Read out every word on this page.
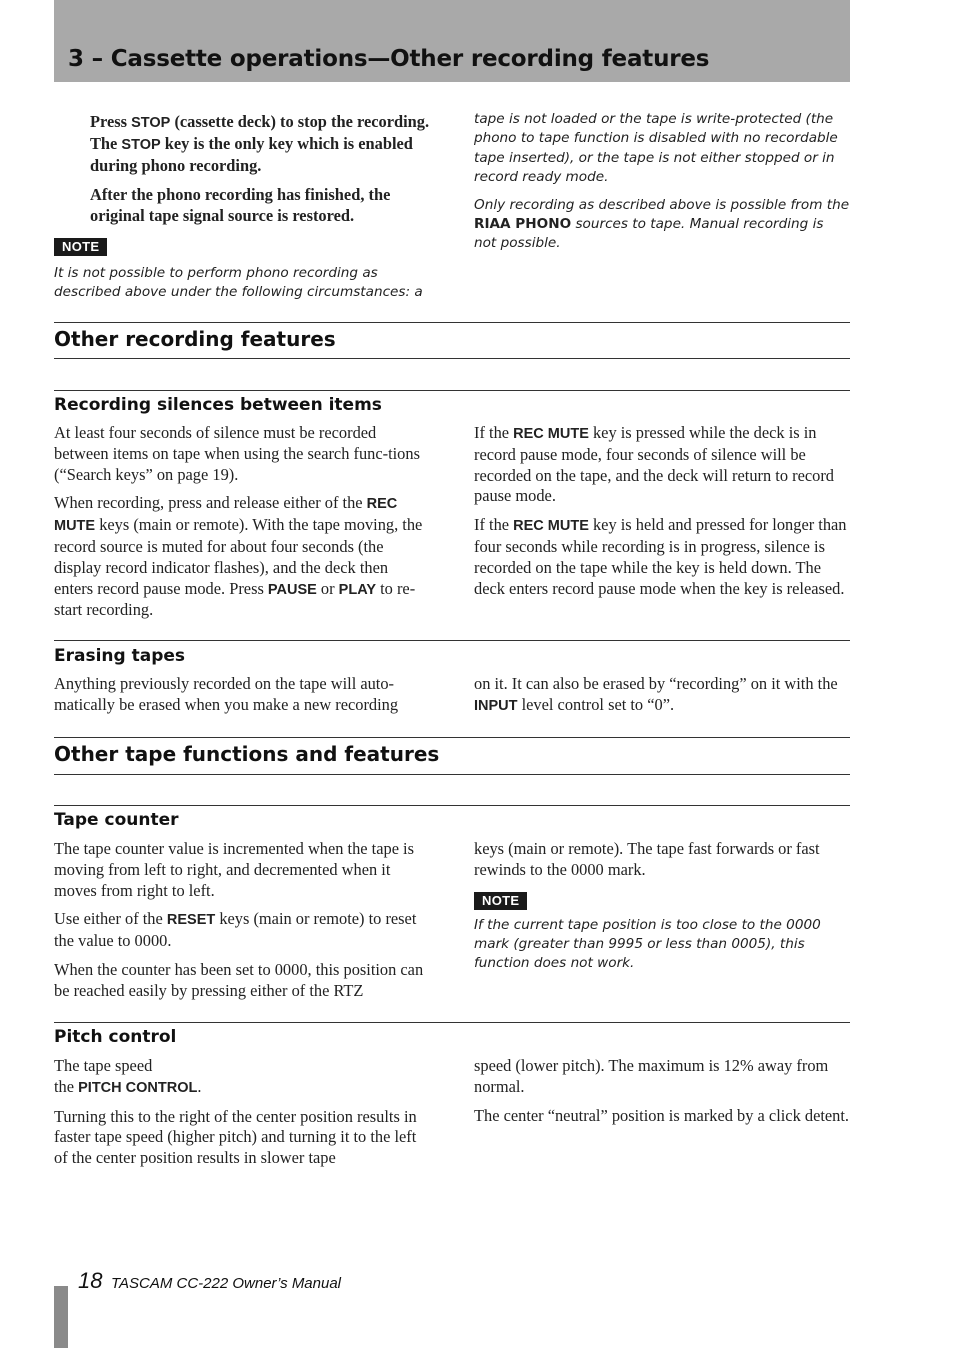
3 – Cassette operations—Other recording features

Press STOP (cassette deck) to stop the recording. The STOP key is the only key which is enabled during phono recording.

After the phono recording has finished, the original tape signal source is restored.

NOTE

It is not possible to perform phono recording as described above under the following circumstances: a

tape is not loaded or the tape is write-protected (the phono to tape function is disabled with no recordable tape inserted), or the tape is not either stopped or in record ready mode.

Only recording as described above is possible from the RIAA PHONO sources to tape. Manual recording is not possible.

Other recording features
Recording silences between items

At least four seconds of silence must be recorded between items on tape when using the search func-tions (“Search keys” on page 19).

When recording, press and release either of the REC MUTE keys (main or remote). With the tape moving, the record source is muted for about four seconds (the display record indicator flashes), and the deck then enters record pause mode. Press PAUSE or PLAY to re-start recording.

If the REC MUTE key is pressed while the deck is in record pause mode, four seconds of silence will be recorded on the tape, and the deck will return to record pause mode.

If the REC MUTE key is held and pressed for longer than four seconds while recording is in progress, silence is recorded on the tape while the key is held down. The deck enters record pause mode when the key is released.

Erasing tapes

Anything previously recorded on the tape will auto-matically be erased when you make a new recording

on it. It can also be erased by “recording” on it with the INPUT level control set to “0”.

Other tape functions and features
Tape counter

The tape counter value is incremented when the tape is moving from left to right, and decremented when it moves from right to left.

Use either of the RESET keys (main or remote) to reset the value to 0000.

When the counter has been set to 0000, this position can be reached easily by pressing either of the RTZ

keys (main or remote). The tape fast forwards or fast rewinds to the 0000 mark.

NOTE

If the current tape position is too close to the 0000 mark (greater than 9995 or less than 0005), this function does not work.

Pitch control

The tape speed
the PITCH CONTROL.

Turning this to the right of the center position results in faster tape speed (higher pitch) and turning it to the left of the center position results in slower tape

speed (lower pitch). The maximum is 12% away from normal.

The center “neutral” position is marked by a click detent.

18 TASCAM CC-222 Owner’s Manual
